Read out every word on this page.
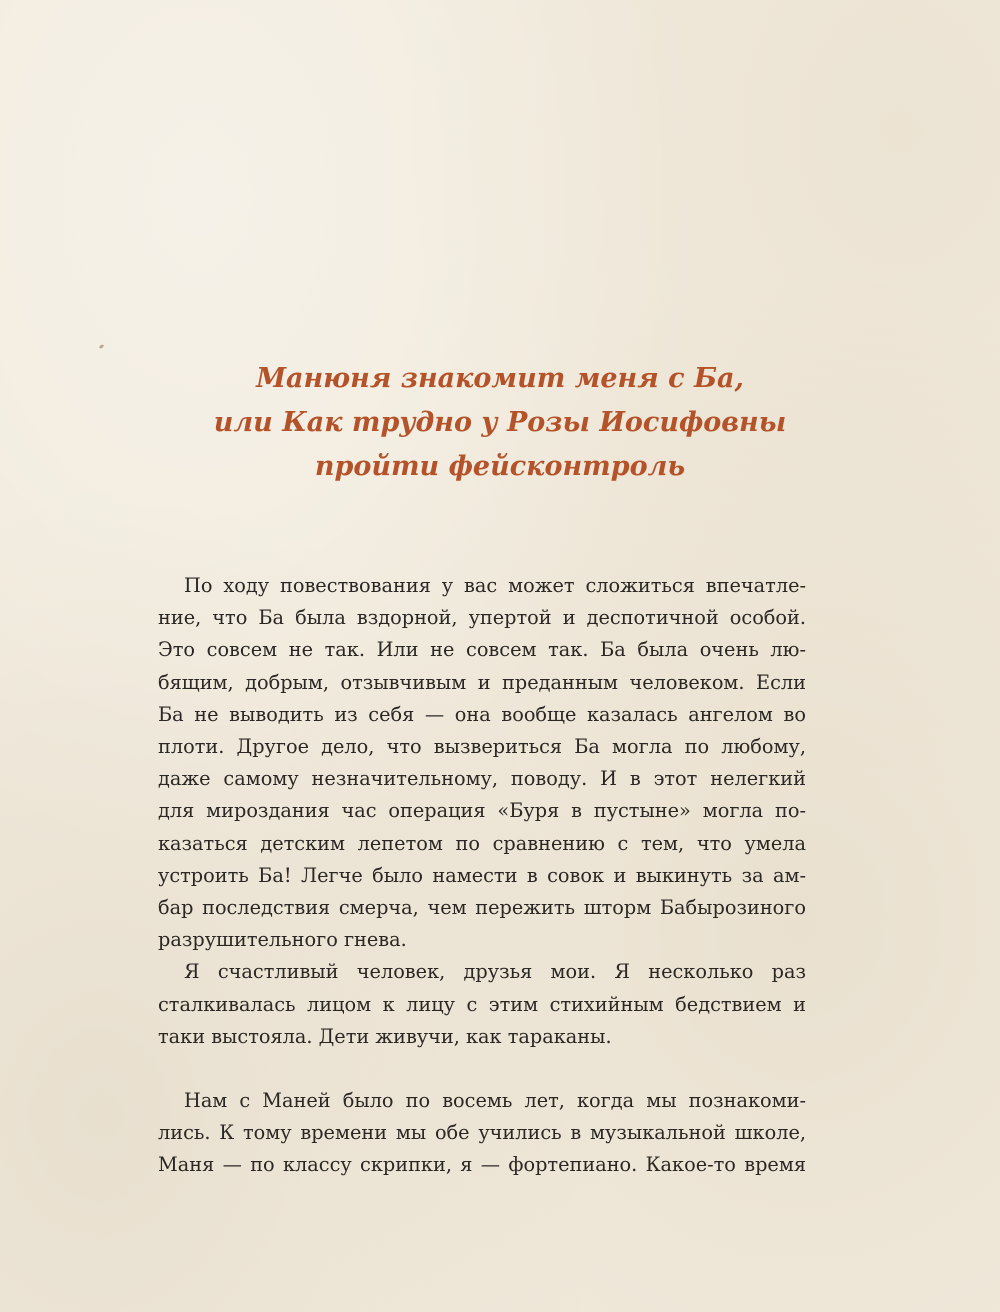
Манюня знакомит меня с Ба,
или Как трудно у Розы Иосифовны
пройти фейсконтроль

По ходу повествования у вас может сложиться впечатле-
ние, что Ба была вздорной, упертой и деспотичной особой.
Это совсем не так. Или не совсем так. Ба была очень лю-
бящим, добрым, отзывчивым и преданным человеком. Если
Ба не выводить из себя — она вообще казалась ангелом во
плоти. Другое дело, что вызвериться Ба могла по любому,
даже самому незначительному, поводу. И в этот нелегкий
для мироздания час операция «Буря в пустыне» могла по-
казаться детским лепетом по сравнению с тем, что умела
устроить Ба! Легче было намести в совок и выкинуть за ам-
бар последствия смерча, чем пережить шторм Бабырозиного
разрушительного гнева.

Я счастливый человек, друзья мои. Я несколько раз
сталкивалась лицом к лицу с этим стихийным бедствием и
таки выстояла. Дети живучи, как тараканы.

Нам с Маней было по восемь лет, когда мы познакоми-
лись. К тому времени мы обе учились в музыкальной школе,
Маня — по классу скрипки, я — фортепиано. Какое-то время
